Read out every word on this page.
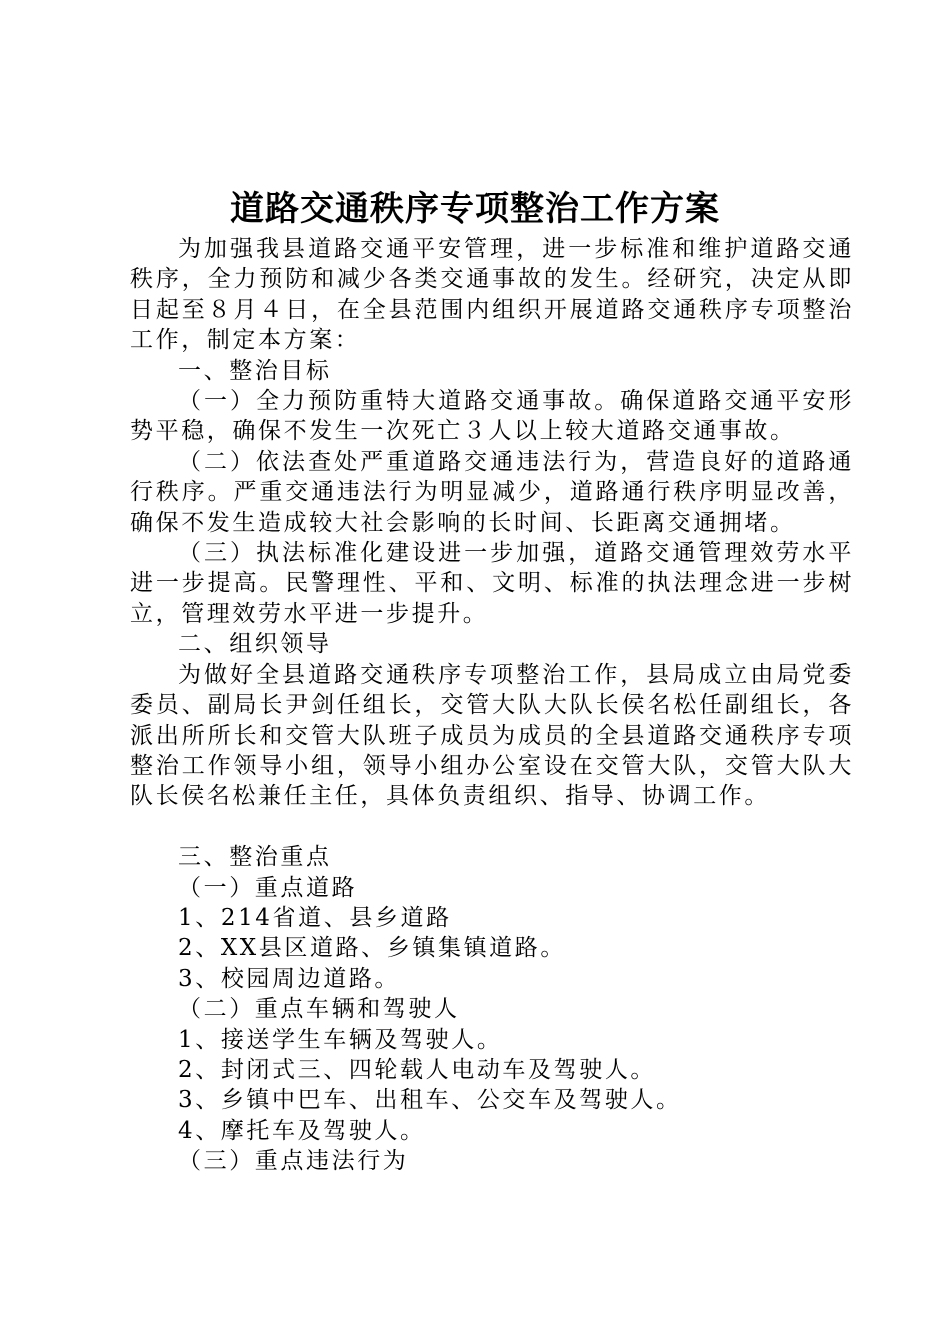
道路交通秩序专项整治工作方案

为加强我县道路交通平安管理，进一步标准和维护道路交通秩序，全力预防和减少各类交通事故的发生。经研究，决定从即日起至８月４日，在全县范围内组织开展道路交通秩序专项整治工作，制定本方案：

一、整治目标

（一）全力预防重特大道路交通事故。确保道路交通平安形势平稳，确保不发生一次死亡３人以上较大道路交通事故。

（二）依法查处严重道路交通违法行为，营造良好的道路通行秩序。严重交通违法行为明显减少，道路通行秩序明显改善，确保不发生造成较大社会影响的长时间、长距离交通拥堵。

（三）执法标准化建设进一步加强，道路交通管理效劳水平进一步提高。民警理性、平和、文明、标准的执法理念进一步树立，管理效劳水平进一步提升。

二、组织领导

为做好全县道路交通秩序专项整治工作，县局成立由局党委委员、副局长尹剑任组长，交管大队大队长侯名松任副组长，各派出所所长和交管大队班子成员为成员的全县道路交通秩序专项整治工作领导小组，领导小组办公室设在交管大队，交管大队大队长侯名松兼任主任，具体负责组织、指导、协调工作。

三、整治重点

（一）重点道路

1、214省道、县乡道路

2、XX县区道路、乡镇集镇道路。

3、校园周边道路。

（二）重点车辆和驾驶人

1、接送学生车辆及驾驶人。

2、封闭式三、四轮载人电动车及驾驶人。

3、乡镇中巴车、出租车、公交车及驾驶人。

4、摩托车及驾驶人。

（三）重点违法行为
